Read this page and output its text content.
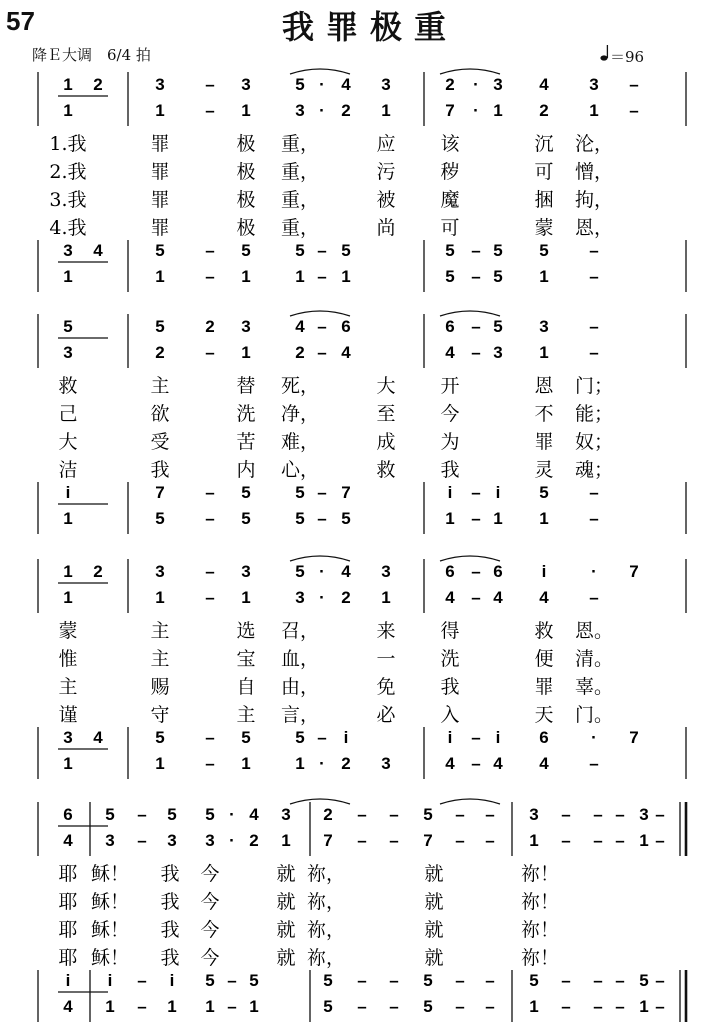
57	我罪极重
降Ｅ大调　6/4 拍	＝96
1 2	3 – 3	5 · 4 3	2 · 3 4 3 –
1	1 – 1	3 · 2 1	7 · 1 2 1 –
1.我	罪	极 重，	应 该	沉 沦，
2.我	罪	极 重，	污 秽	可 憎，
3.我	罪	极 重，	被 魔	捆 拘，
4.我	罪	极 重，	尚 可	蒙 恩，
3 4	5 – 5	5 – 5	5 – 5 5 –
1	1 – 1	1 – 1	5 – 5 1 –
5	5 2 3	4 – 6	6 – 5 3 –
3	2 – 1	2 – 4	4 – 3 1 –
救	主	替 死，	大 开	恩 门；
己	欲	洗 净，	至 今	不 能；
大	受	苦 难，	成 为	罪 奴；
洁	我	内 心，	救 我	灵 魂；
i	7 – 5	5 – 7	i – i 5 –
1	5 – 5	5 – 5	1 – 1 1 –
1 2	3 – 3	5 · 4 3	6 – 6 i	· 7
1	1 – 1	3 · 2 1	4 – 4 4 –
蒙	主	选 召，	来 得	救 恩。
惟	主	宝 血，	一 洗	便 清。
主	赐	自 由，	免 我	罪 辜。
谨	守	主 言，	必 入	天 门。
3 4	5 – 5	5 – i	i – i 6 · 7
1	1 – 1	1 · 2 3	4 – 4 4 –
6 5 – 5 5 · 4 3 2 – – 5 – – 3 – – – 3 –
4 3 – 3 3 · 2 1 7 – – 7 – – 1 – – – 1 –
耶 稣！ 我 今	就 祢，	就	祢！
耶 稣！ 我 今	就 祢，	就	祢！
耶 稣！ 我 今	就 祢，	就	祢！
耶 稣！ 我 今	就 祢，	就	祢！
i i – i 5 – 5	5 – – 5 – – 5 – – – 5 –
4 1 – 1 1 – 1	5 – – 5 – – 1 – – – 1 –
